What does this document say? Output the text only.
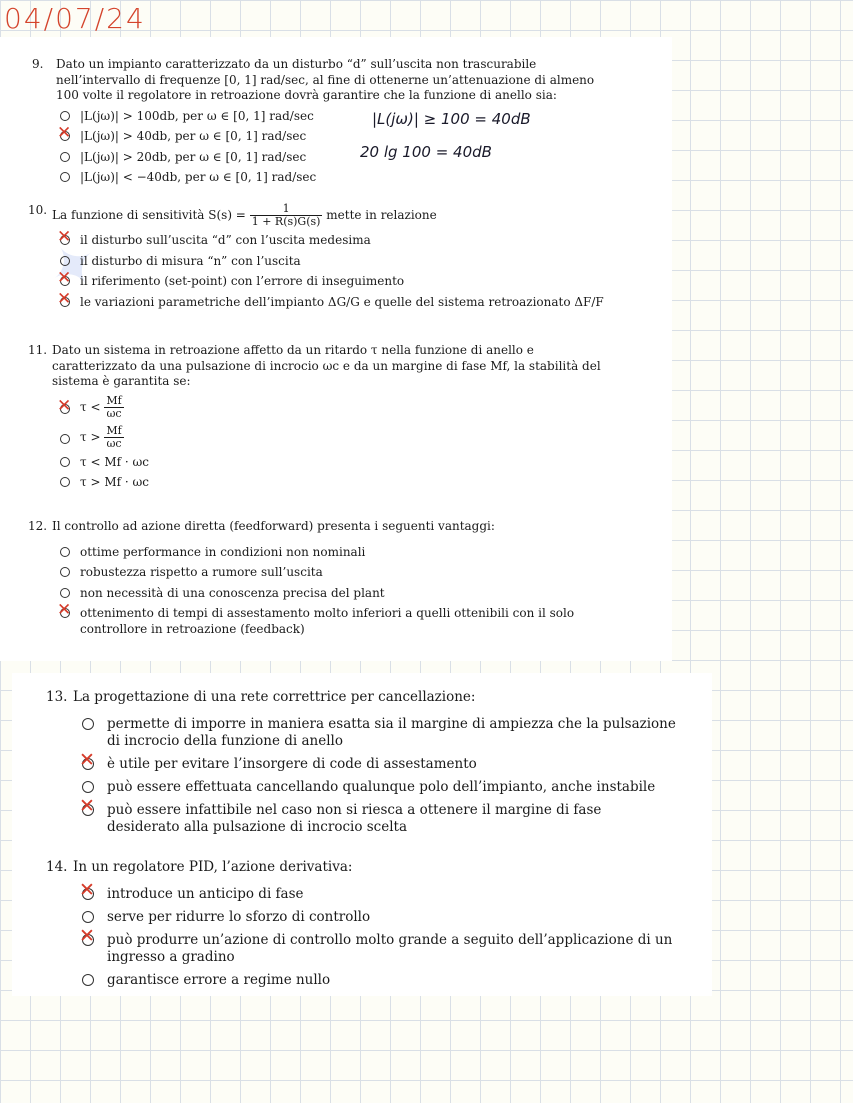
04/07/24
✦
9. Dato un impianto caratterizzato da un disturbo “d” sull’uscita non trascurabile nell’intervallo di frequenze [0, 1] rad/sec, al fine di ottenerne un’attenuazione di almeno 100 volte il regolatore in retroazione dovrà garantire che la funzione di anello sia:
|L(jω)| > 100db, per ω ∈ [0, 1] rad/sec
✕
|L(jω)| > 40db, per ω ∈ [0, 1] rad/sec
|L(jω)| > 20db, per ω ∈ [0, 1] rad/sec
|L(jω)| < −40db, per ω ∈ [0, 1] rad/sec
|L(jω)| ≥ 100 = 40dB
20 lg 100 = 40dB
10. La funzione di sensitività $S(s) = \frac{1}{1 + R(s)G(s)}$ mette in relazione
✕
il disturbo sull’uscita “d” con l’uscita medesima
il disturbo di misura “n” con l’uscita
✕
il riferimento (set-point) con l’errore di inseguimento
✕
le variazioni parametriche dell’impianto ΔG/G e quelle del sistema retroazionato ΔF/F
11. Dato un sistema in retroazione affetto da un ritardo τ nella funzione di anello e caratterizzato da una pulsazione di incrocio ωc e da un margine di fase Mf, la stabilità del sistema è garantita se:
✕
$\tau < \frac{Mf}{\omega c}$
$\tau > \frac{Mf}{\omega c}$
τ < Mf · ωc
τ > Mf · ωc
12. Il controllo ad azione diretta (feedforward) presenta i seguenti vantaggi:
ottime performance in condizioni non nominali
robustezza rispetto a rumore sull’uscita
non necessità di una conoscenza precisa del plant
✕
ottenimento di tempi di assestamento molto inferiori a quelli ottenibili con il solo controllore in retroazione (feedback)
13. La progettazione di una rete correttrice per cancellazione:
permette di imporre in maniera esatta sia il margine di ampiezza che la pulsazione di incrocio della funzione di anello
✕
è utile per evitare l’insorgere di code di assestamento
può essere effettuata cancellando qualunque polo dell’impianto, anche instabile
✕
può essere infattibile nel caso non si riesca a ottenere il margine di fase desiderato alla pulsazione di incrocio scelta
14. In un regolatore PID, l’azione derivativa:
✕
introduce un anticipo di fase
serve per ridurre lo sforzo di controllo
✕
può produrre un’azione di controllo molto grande a seguito dell’applicazione di un ingresso a gradino
garantisce errore a regime nullo
